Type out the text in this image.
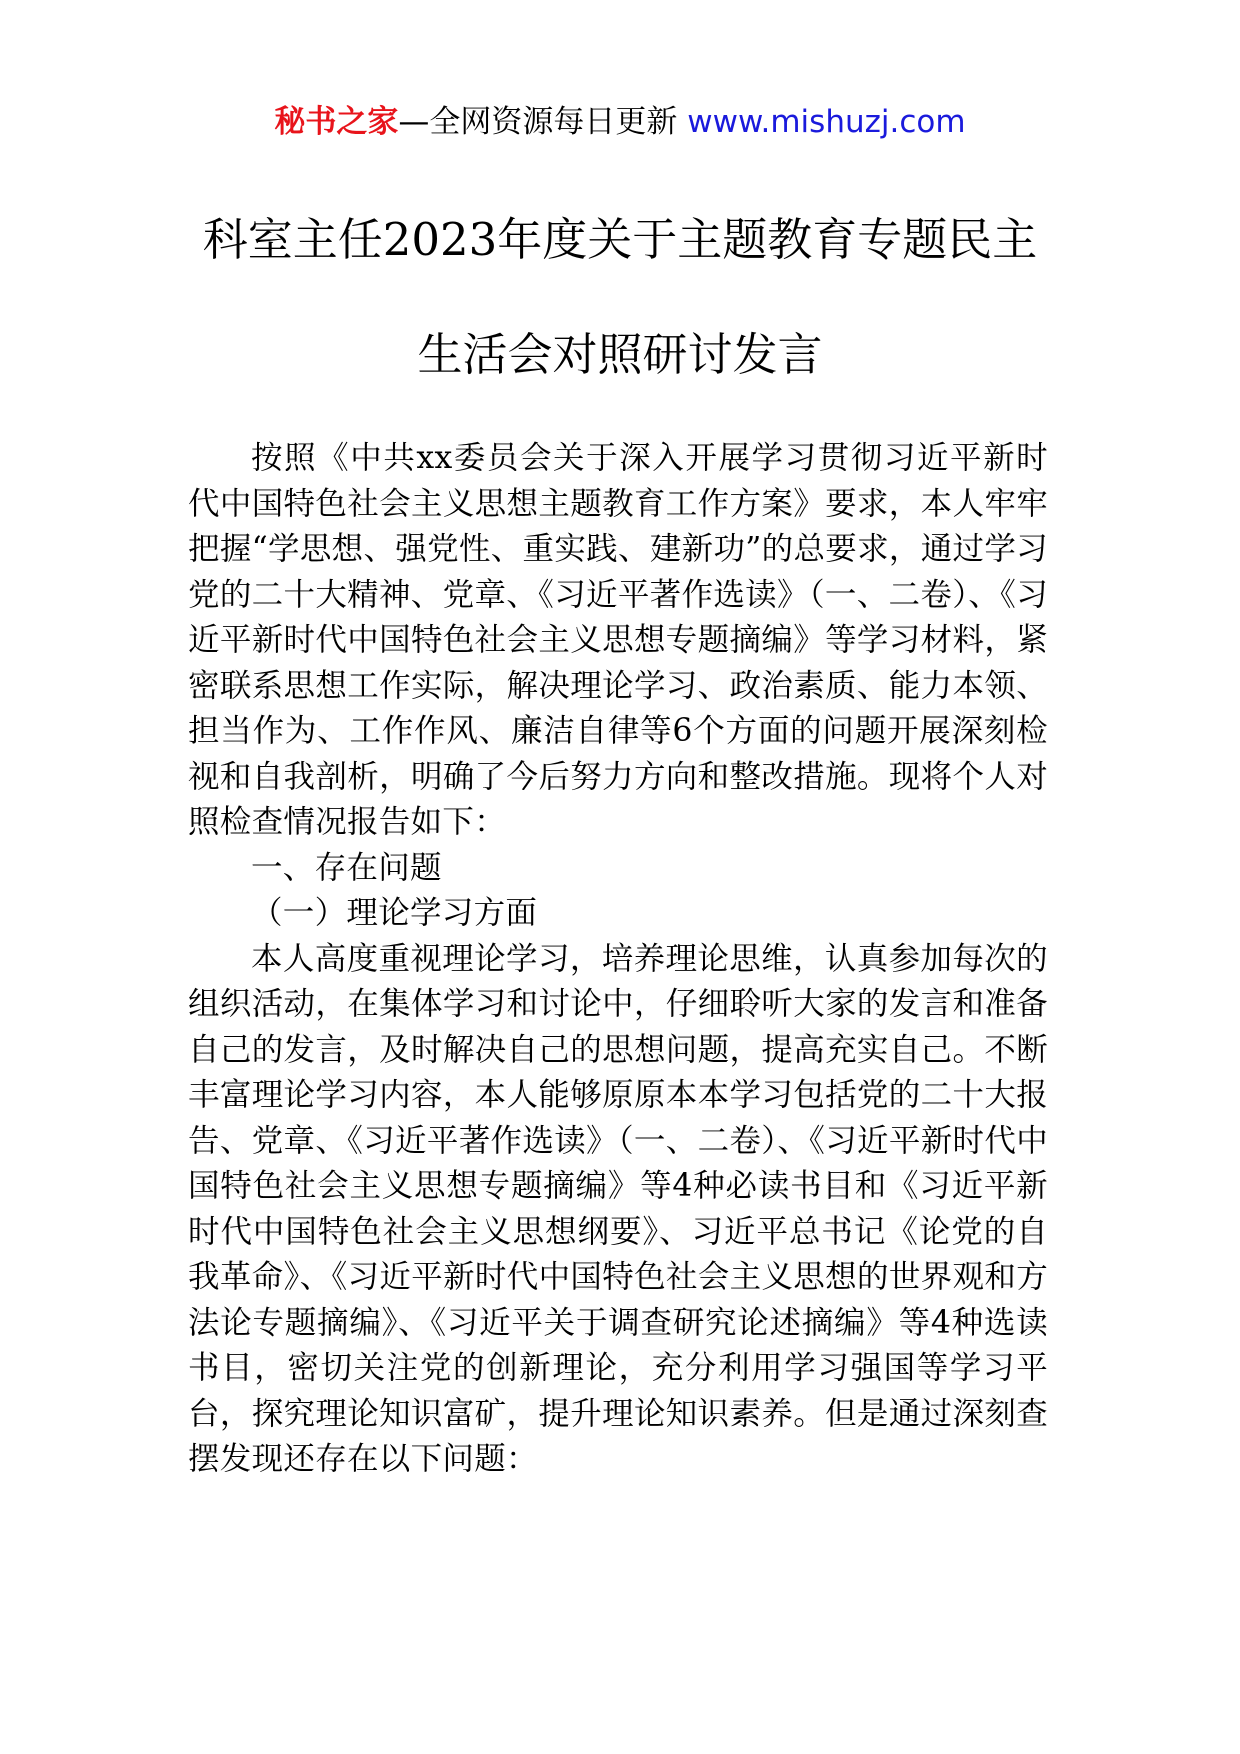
秘书之家—全网资源每日更新 www.mishuzj.com
科室主任2023年度关于主题教育专题民主
生活会对照研讨发言

按照《中共xx委员会关于深入开展学习贯彻习近平新时代中国特色社会主义思想主题教育工作方案》要求，本人牢牢把握“学思想、强党性、重实践、建新功”的总要求，通过学习党的二十大精神、党章、《习近平著作选读》（一、二卷）、《习近平新时代中国特色社会主义思想专题摘编》等学习材料，紧密联系思想工作实际，解决理论学习、政治素质、能力本领、担当作为、工作作风、廉洁自律等6个方面的问题开展深刻检视和自我剖析，明确了今后努力方向和整改措施。现将个人对照检查情况报告如下：

一、存在问题

（一）理论学习方面

本人高度重视理论学习，培养理论思维，认真参加每次的组织活动，在集体学习和讨论中，仔细聆听大家的发言和准备自己的发言，及时解决自己的思想问题，提高充实自己。不断丰富理论学习内容，本人能够原原本本学习包括党的二十大报告、党章、《习近平著作选读》（一、二卷）、《习近平新时代中国特色社会主义思想专题摘编》等4种必读书目和《习近平新时代中国特色社会主义思想纲要》、习近平总书记《论党的自我革命》、《习近平新时代中国特色社会主义思想的世界观和方法论专题摘编》、《习近平关于调查研究论述摘编》等4种选读书目，密切关注党的创新理论，充分利用学习强国等学习平台，探究理论知识富矿，提升理论知识素养。但是通过深刻查摆发现还存在以下问题：
